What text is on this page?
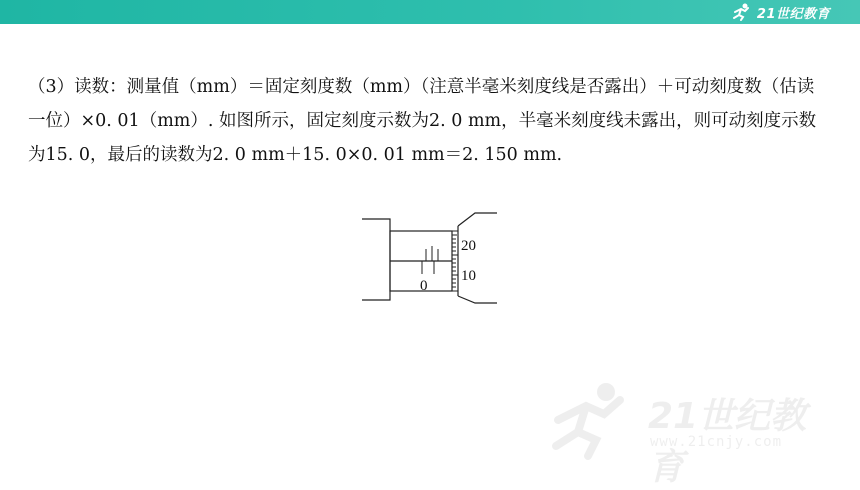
21世纪教育

（3）读数：测量值（mm）＝固定刻度数（mm）（注意半毫米刻度线是否露出）＋可动刻度数（估读一位）×0. 01（mm）. 如图所示，固定刻度示数为2. 0 mm，半毫米刻度线未露出，则可动刻度示数为15. 0，最后的读数为2. 0 mm＋15. 0×0. 01 mm＝2. 150 mm.

0
20
10
21世纪教育
www.21cnjy.com
